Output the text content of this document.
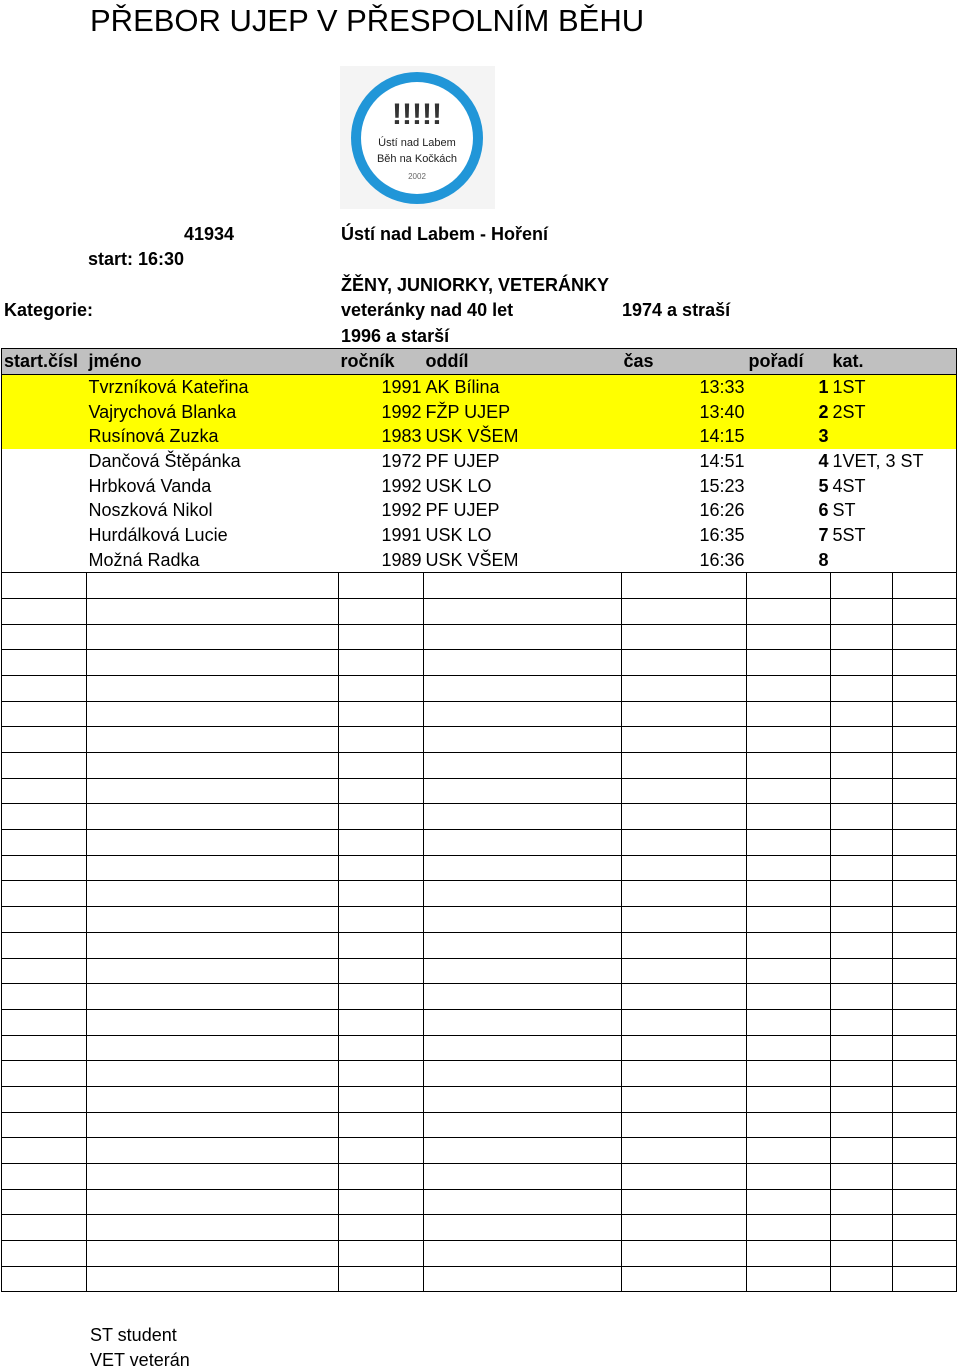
PŘEBOR UJEP V PŘESPOLNÍM BĚHU
!!!!!
Ústí nad Labem
Běh na Kočkách
2002
41934	Ústí nad Labem - Hoření
start: 16:30
ŽĚNY, JUNIORKY, VETERÁNKY
Kategorie:	veteránky nad 40 let	1974 a straší
1996 a starší
start.čísl	jméno	ročník	oddíl	čas	pořadí	kat.	
	Tvrzníková Kateřina	1991	AK Bílina	13:33	1	1ST	
	Vajrychová Blanka	1992	FŽP UJEP	13:40	2	2ST	
	Rusínová Zuzka	1983	USK VŠEM	14:15	3		
	Dančová Štěpánka	1972	PF UJEP	14:51	4	1VET, 3 ST	
	Hrbková Vanda	1992	USK LO	15:23	5	4ST	
	Noszková Nikol	1992	PF UJEP	16:26	6	ST	
	Hurdálková Lucie	1991	USK LO	16:35	7	5ST	
	Možná Radka	1989	USK VŠEM	16:36	8		

ST student
VET veterán
